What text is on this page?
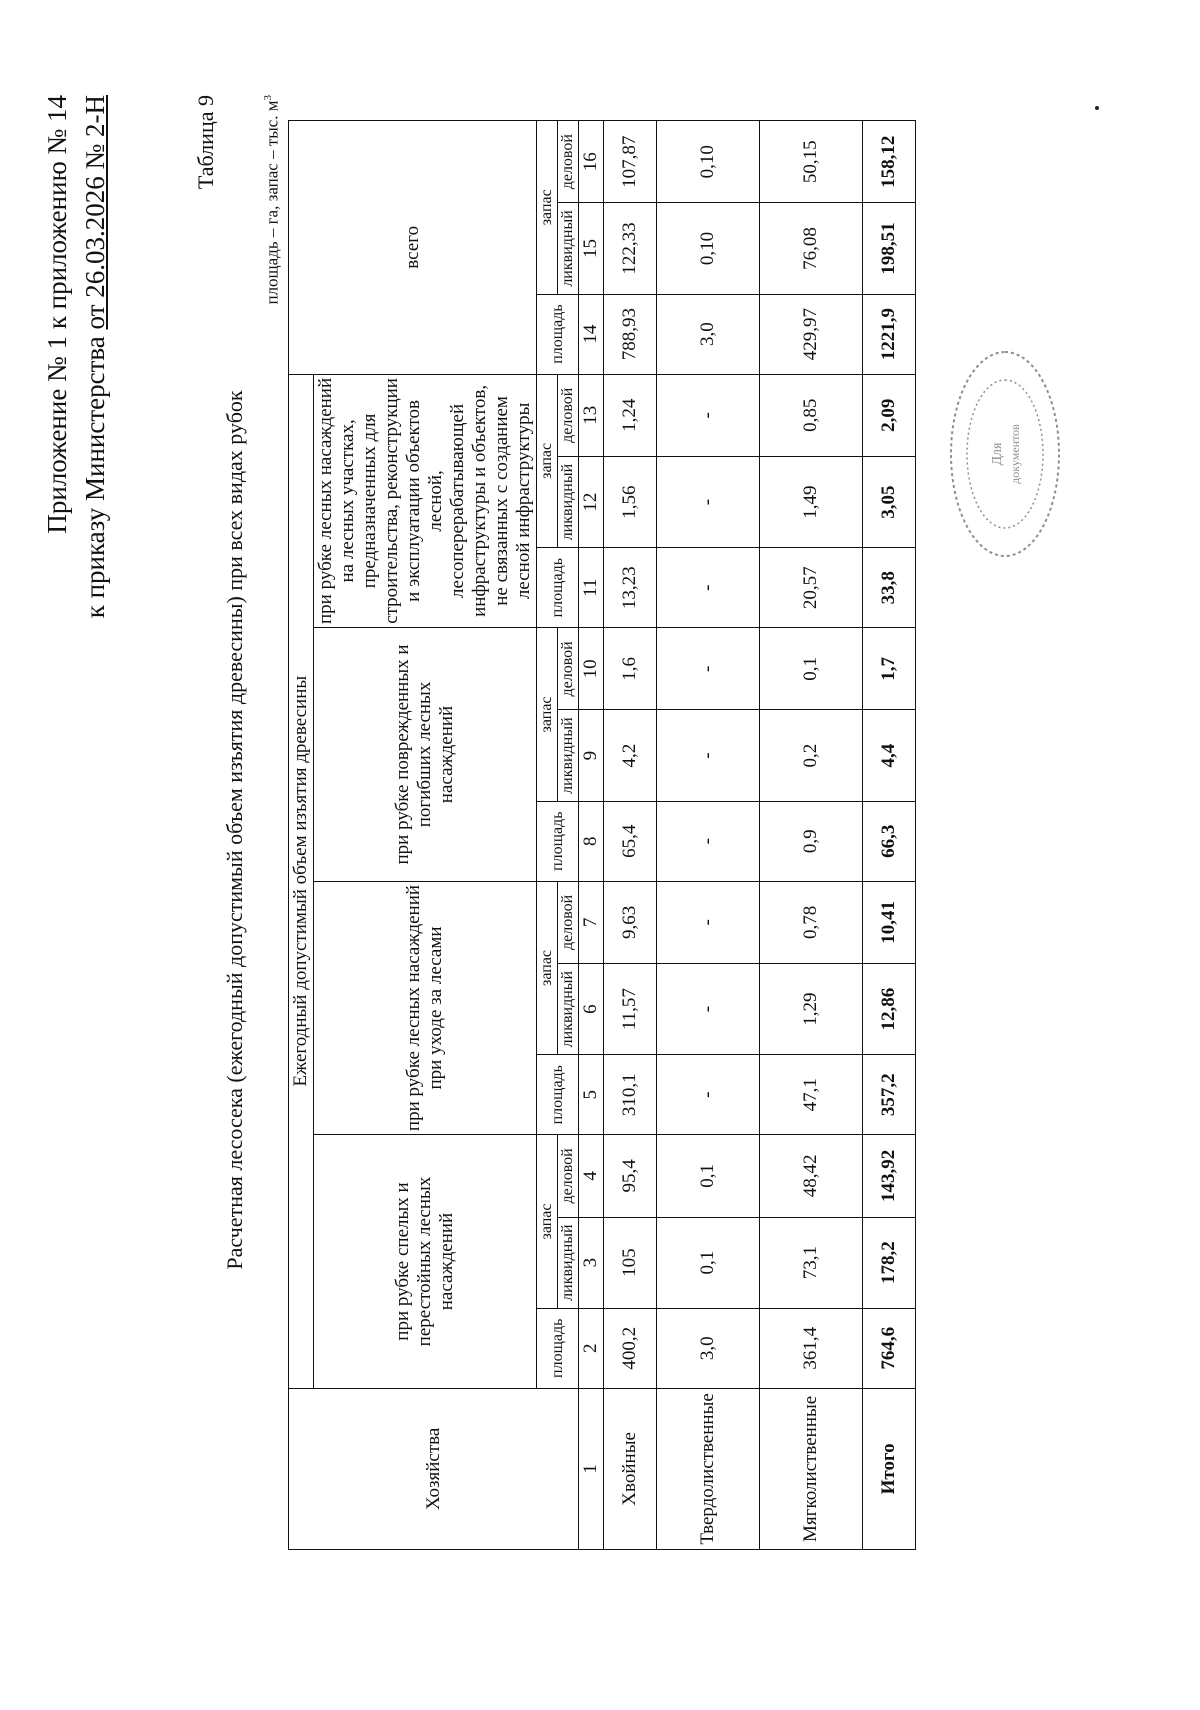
Приложение № 1 к приложению № 14 к приказу Министерства от 26.03.2026 № 2-Н	Таблица 9
Расчетная лесосека (ежегодный допустимый объем изъятия древесины) при всех видах рубок
площадь – га, запас – тыс. $м^3$
Хозяйства	Ежегодный допустимый объем изъятия древесины												всего		
	при рубке спелых и перестойных лесных насаждений			при рубке лесных насаждений при уходе за лесами			при рубке поврежденных и погибших лесных насаждений			при рубке лесных насаждений на лесных участках, предназначенных для строительства, реконструкции и эксплуатации объектов лесной, лесоперерабатывающей инфраструктуры и объектов, не связанных с созданием лесной инфраструктуры					
	площадь	запас		площадь	запас		площадь	запас		площадь	запас		площадь	запас	
		ликвидный	деловой		ликвидный	деловой		ликвидный	деловой		ликвидный	деловой		ликвидный	деловой
1	2	3	4	5	6	7	8	9	10	11	12	13	14	15	16
Хвойные	400,2	105	95,4	310,1	11,57	9,63	65,4	4,2	1,6	13,23	1,56	1,24	788,93	122,33	107,87
Твердолиственные	3,0	0,1	0,1	-	-	-	-	-	-	-	-	-	3,0	0,10	0,10
Мягколиственные	361,4	73,1	48,42	47,1	1,29	0,78	0,9	0,2	0,1	20,57	1,49	0,85	429,97	76,08	50,15
Итого	764,6	178,2	143,92	357,2	12,86	10,41	66,3	4,4	1,7	33,8	3,05	2,09	1221,9	198,51	158,12
Для документов
